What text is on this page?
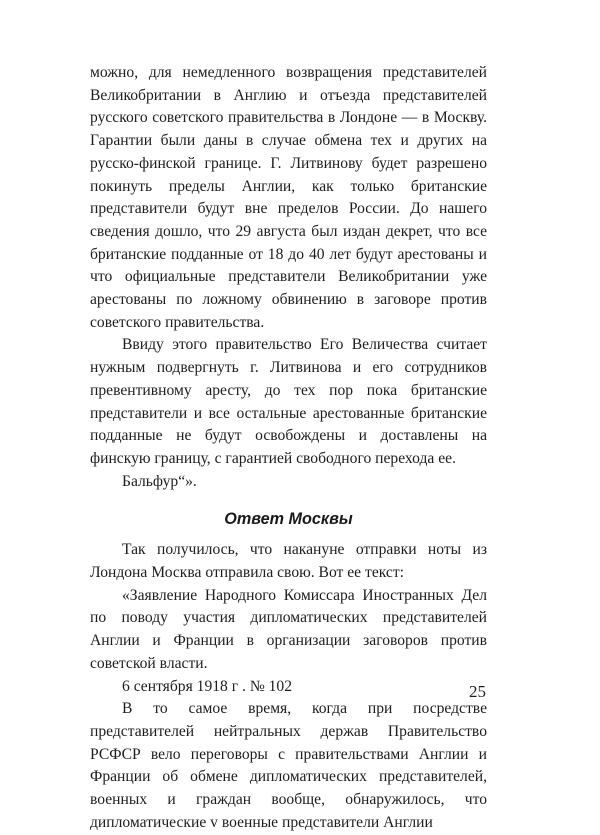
можно, для немедленного возвращения представителей Великобритании в Англию и отъезда представителей русского советского правительства в Лондоне — в Москву. Гарантии были даны в случае обмена тех и других на русско-финской границе. Г. Литвинову будет разрешено покинуть пределы Англии, как только британские представители будут вне пределов России. До нашего сведения дошло, что 29 августа был издан декрет, что все британские подданные от 18 до 40 лет будут арестованы и что официальные представители Великобритании уже арестованы по ложному обвинению в заговоре против советского правительства.

Ввиду этого правительство Его Величества считает нужным подвергнуть г. Литвинова и его сотрудников превентивному аресту, до тех пор пока британские представители и все остальные арестованные британские подданные не будут освобождены и доставлены на финскую границу, с гарантией свободного перехода ее.

Бальфур“».

Ответ Москвы

Так получилось, что накануне отправки ноты из Лондона Москва отправила свою. Вот ее текст:

«Заявление Народного Комиссара Иностранных Дел по поводу участия дипломатических представителей Англии и Франции в организации заговоров против советской власти.

6 сентября 1918 г . № 102

В то самое время, когда при посредстве представителей нейтральных держав Правительство РСФСР вело переговоры с правительствами Англии и Франции об обмене дипломатических представителей, военных и граждан вообще, обнаружилось, что дипломатические v военные представители Англии

25
